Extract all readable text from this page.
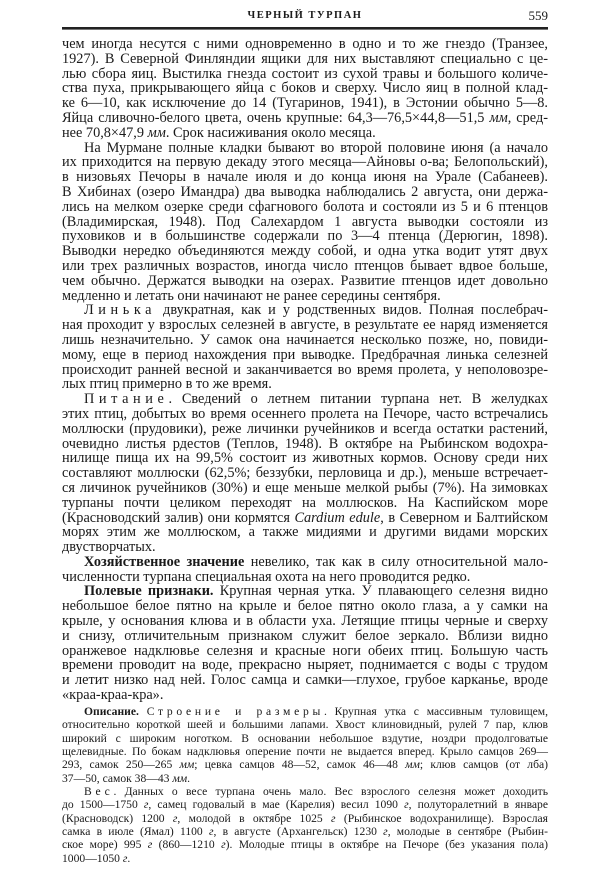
ЧЕРНЫЙ ТУРПАН	559
чем иногда несутся с ними одновременно в одно и то же гнездо (Транзее,
1927). В Северной Финляндии ящики для них выставляют специально с це-
лью сбора яиц. Выстилка гнезда состоит из сухой травы и большого количе-
ства пуха, прикрывающего яйца с боков и сверху. Число яиц в полной клад-
ке 6—10, как исключение до 14 (Тугаринов, 1941), в Эстонии обычно 5—8.
Яйца сливочно-белого цвета, очень крупные: 64,3—76,5×44,8—51,5 мм, сред-
нее 70,8×47,9 мм. Срок насиживания около месяца.
На Мурмане полные кладки бывают во второй половине июня (а начало
их приходится на первую декаду этого месяца—Айновы о-ва; Белопольский),
в низовьях Печоры в начале июля и до конца июня на Урале (Сабанеев).
В Хибинах (озеро Имандра) два выводка наблюдались 2 августа, они держа-
лись на мелком озерке среди сфагнового болота и состояли из 5 и 6 птенцов
(Владимирская, 1948). Под Салехардом 1 августа выводки состояли из
пуховиков и в большинстве содержали по 3—4 птенца (Дерюгин, 1898).
Выводки нередко объединяются между собой, и одна утка водит утят двух
или трех различных возрастов, иногда число птенцов бывает вдвое больше,
чем обычно. Держатся выводки на озерах. Развитие птенцов идет довольно
медленно и летать они начинают не ранее середины сентября.
Линька двукратная, как и у родственных видов. Полная послебрач-
ная проходит у взрослых селезней в августе, в результате ее наряд изменяется
лишь незначительно. У самок она начинается несколько позже, но, повиди-
мому, еще в период нахождения при выводке. Предбрачная линька селезней
происходит ранней весной и заканчивается во время пролета, у неполовозре-
лых птиц примерно в то же время.
Питание. Сведений о летнем питании турпана нет. В желудках
этих птиц, добытых во время осеннего пролета на Печоре, часто встречались
моллюски (прудовики), реже личинки ручейников и всегда остатки растений,
очевидно листья рдестов (Теплов, 1948). В октябре на Рыбинском водохра-
нилище пища их на 99,5% состоит из животных кормов. Основу среди них
составляют моллюски (62,5%; беззубки, перловица и др.), меньше встречает-
ся личинок ручейников (30%) и еще меньше мелкой рыбы (7%). На зимовках
турпаны почти целиком переходят на моллюсков. На Каспийском море
(Красноводский залив) они кормятся Cardium edule, в Северном и Балтийском
морях этим же моллюском, а также мидиями и другими видами морских
двустворчатых.
Хозяйственное значение невелико, так как в силу относительной мало-
численности турпана специальная охота на него проводится редко.
Полевые признаки. Крупная черная утка. У плавающего селезня видно
небольшое белое пятно на крыле и белое пятно около глаза, а у самки на
крыле, у основания клюва и в области уха. Летящие птицы черные и сверху
и снизу, отличительным признаком служит белое зеркало. Вблизи видно
оранжевое надклювье селезня и красные ноги обеих птиц. Большую часть
времени проводит на воде, прекрасно ныряет, поднимается с воды с трудом
и летит низко над ней. Голос самца и самки—глухое, грубое карканье, вроде
«краа-краа-кра».
Описание. Строение и размеры. Крупная утка с массивным туловищем,
относительно короткой шеей и большими лапами. Хвост клиновидный, рулей 7 пар, клюв
широкий с широким ноготком. В основании небольшое вздутие, ноздри продолговатые
щелевидные. По бокам надклювья оперение почти не выдается вперед. Крыло самцов 269—
293, самок 250—265 мм; цевка самцов 48—52, самок 46—48 мм; клюв самцов (от лба)
37—50, самок 38—43 мм.
Вес. Данных о весе турпана очень мало. Вес взрослого селезня может доходить
до 1500—1750 г, самец годовалый в мае (Карелия) весил 1090 г, полуторалетний в январе
(Красноводск) 1200 г, молодой в октябре 1025 г (Рыбинское водохранилище). Взрослая
самка в июле (Ямал) 1100 г, в августе (Архангельск) 1230 г, молодые в сентябре (Рыбин-
ское море) 995 г (860—1210 г). Молодые птицы в октябре на Печоре (без указания пола)
1000—1050 г.
